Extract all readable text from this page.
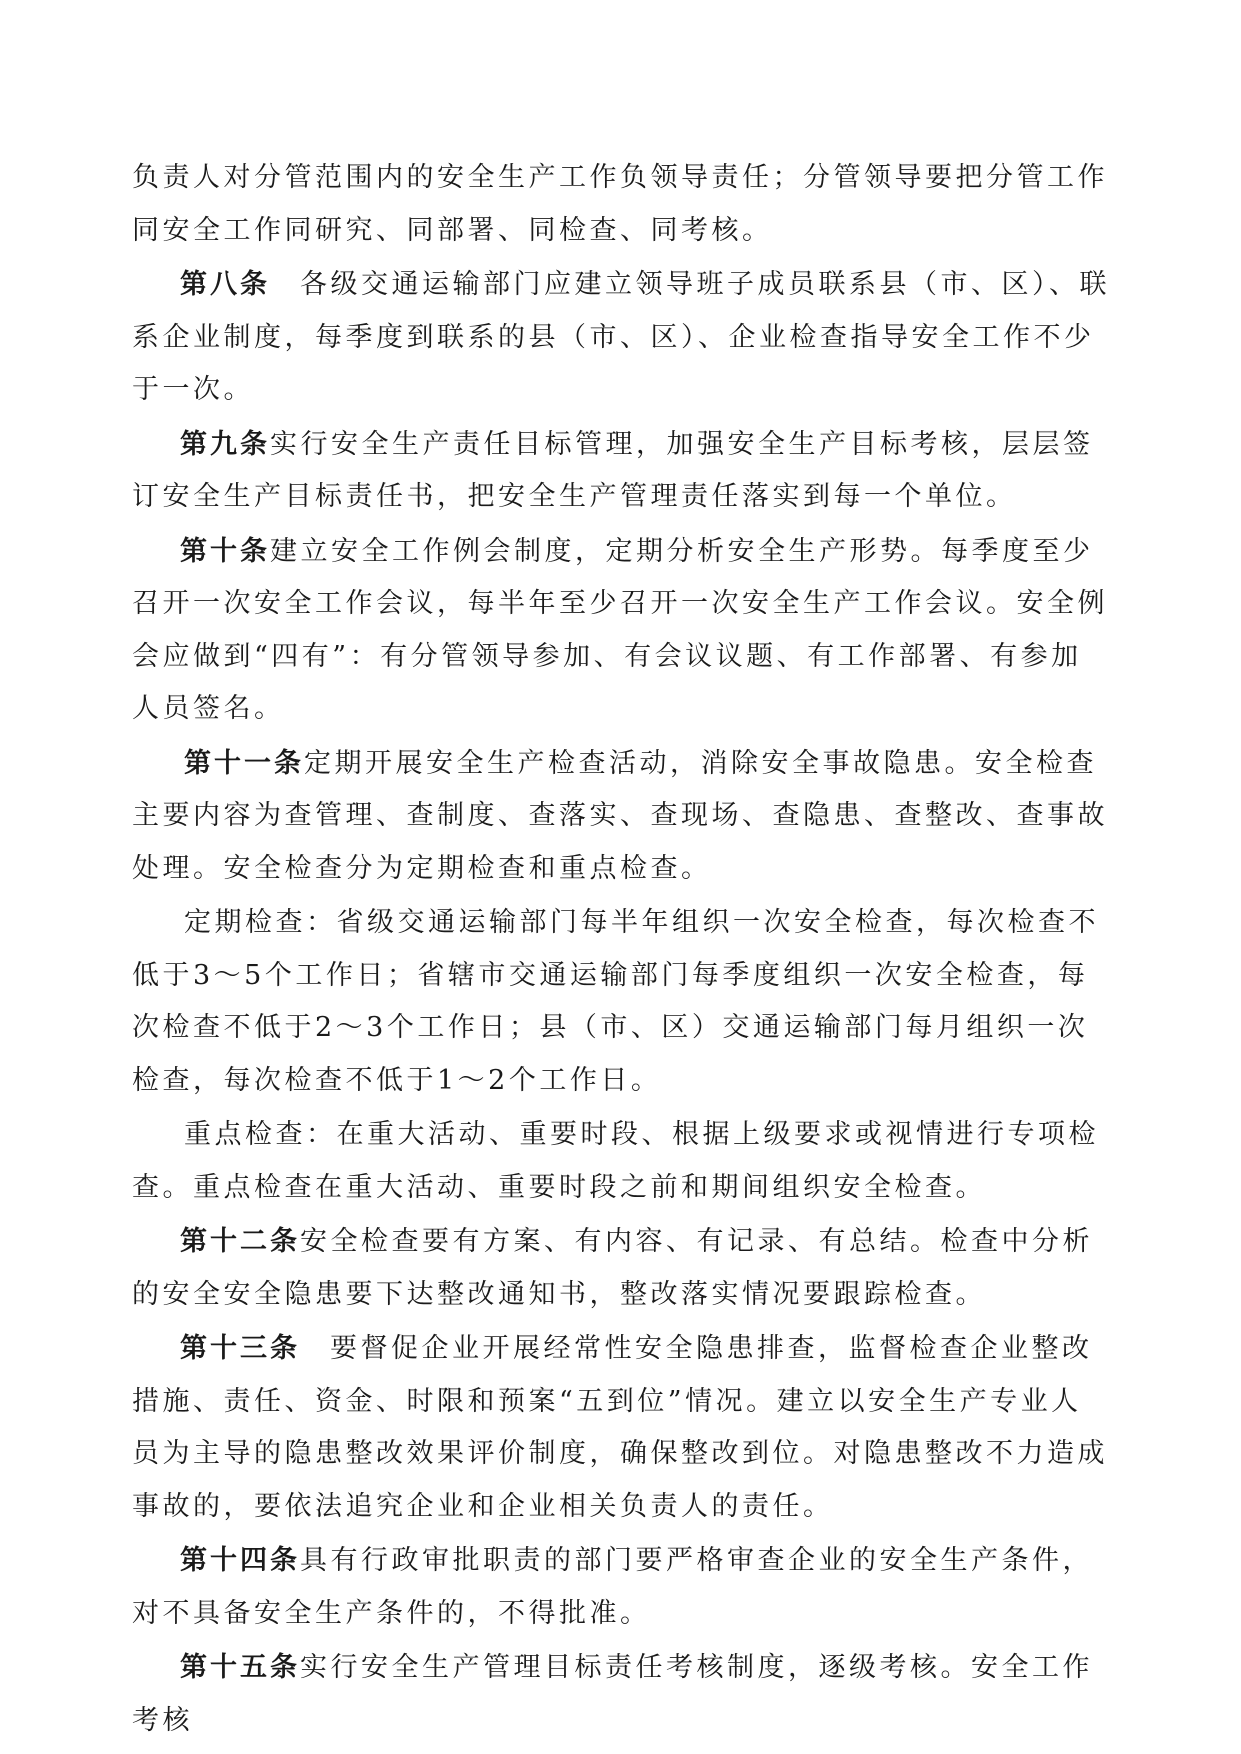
负责人对分管范围内的安全生产工作负领导责任；分管领导要把分管工作同安全工作同研究、同部署、同检查、同考核。

第八条 各级交通运输部门应建立领导班子成员联系县（市、区）、联系企业制度，每季度到联系的县（市、区）、企业检查指导安全工作不少于一次。

第九条实行安全生产责任目标管理，加强安全生产目标考核，层层签订安全生产目标责任书，把安全生产管理责任落实到每一个单位。

第十条建立安全工作例会制度，定期分析安全生产形势。每季度至少召开一次安全工作会议，每半年至少召开一次安全生产工作会议。安全例会应做到“四有”：有分管领导参加、有会议议题、有工作部署、有参加人员签名。

第十一条定期开展安全生产检查活动，消除安全事故隐患。安全检查主要内容为查管理、查制度、查落实、查现场、查隐患、查整改、查事故处理。安全检查分为定期检查和重点检查。

定期检查：省级交通运输部门每半年组织一次安全检查，每次检查不低于3～5个工作日；省辖市交通运输部门每季度组织一次安全检查，每次检查不低于2～3个工作日；县（市、区）交通运输部门每月组织一次检查，每次检查不低于1～2个工作日。

重点检查：在重大活动、重要时段、根据上级要求或视情进行专项检查。重点检查在重大活动、重要时段之前和期间组织安全检查。

第十二条安全检查要有方案、有内容、有记录、有总结。检查中分析的安全安全隐患要下达整改通知书，整改落实情况要跟踪检查。

第十三条 要督促企业开展经常性安全隐患排查，监督检查企业整改措施、责任、资金、时限和预案“五到位”情况。建立以安全生产专业人员为主导的隐患整改效果评价制度，确保整改到位。对隐患整改不力造成事故的，要依法追究企业和企业相关负责人的责任。

第十四条具有行政审批职责的部门要严格审查企业的安全生产条件，对不具备安全生产条件的，不得批准。

第十五条实行安全生产管理目标责任考核制度，逐级考核。安全工作考核
